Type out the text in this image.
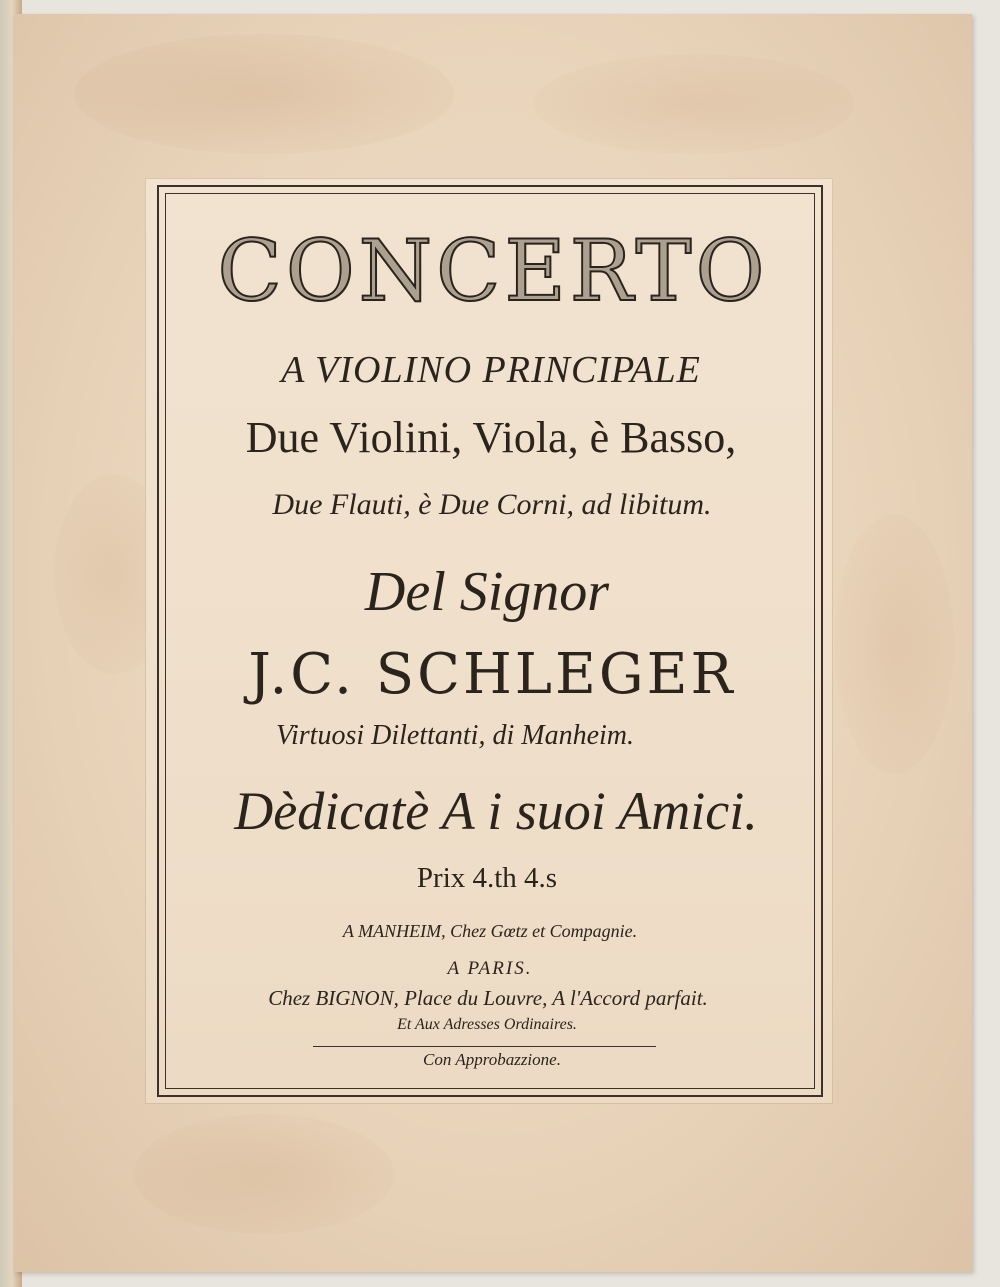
CONCERTO
A VIOLINO PRINCIPALE
Due Violini, Viola, è Basso,
Due Flauti, è Due Corni, ad libitum.
Del Signor
J.C. SCHLEGER
Virtuosi Dilettanti, di Manheim.
Dèdicatè A i suoi Amici.
Prix 4.th 4.s
A MANHEIM, Chez Gœtz et Compagnie.
A PARIS.
Chez BIGNON, Place du Louvre, A l'Accord parfait.
Et Aux Adresses Ordinaires.
Con Approbazzione.
